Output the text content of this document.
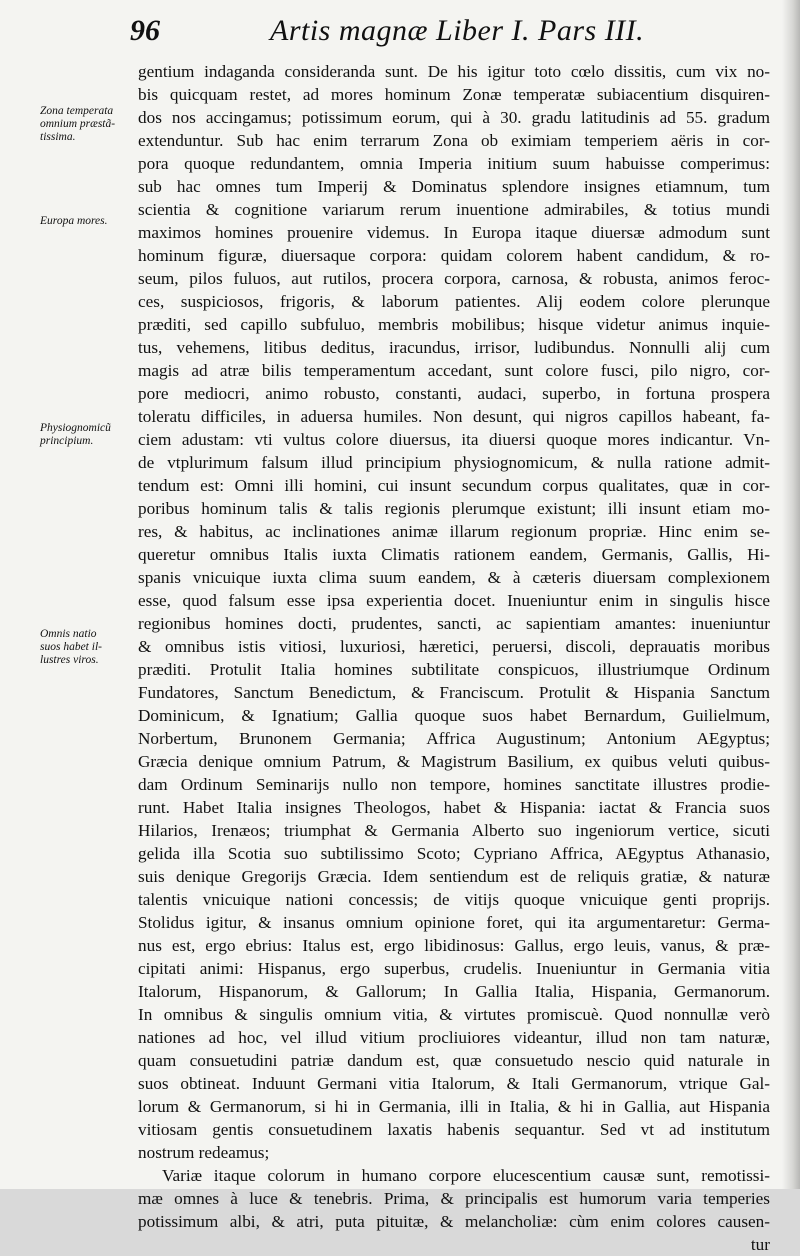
96	Artis magnæ Liber I. Pars III.
Zona temperata
omnium præstã-
tissima.
Europa mores.
Physiognomicũ
principium.
Omnis natio
suos habet il-
lustres viros.
gentium indaganda consideranda sunt. De his igitur toto cœlo dissitis, cum vix no-
bis quicquam restet, ad mores hominum Zonæ temperatæ subiacentium disquiren-
dos nos accingamus; potissimum eorum, qui à 30. gradu latitudinis ad 55. gradum
extenduntur. Sub hac enim terrarum Zona ob eximiam temperiem aëris in cor-
pora quoque redundantem, omnia Imperia initium suum habuisse comperimus:
sub hac omnes tum Imperij & Dominatus splendore insignes etiamnum, tum
scientia & cognitione variarum rerum inuentione admirabiles, & totius mundi
maximos homines prouenire videmus. In Europa itaque diuersæ admodum sunt
hominum figuræ, diuersaque corpora: quidam colorem habent candidum, & ro-
seum, pilos fuluos, aut rutilos, procera corpora, carnosa, & robusta, animos feroc-
ces, suspiciosos, frigoris, & laborum patientes. Alij eodem colore plerunque
præditi, sed capillo subfuluo, membris mobilibus; hisque videtur animus inquie-
tus, vehemens, litibus deditus, iracundus, irrisor, ludibundus. Nonnulli alij cum
magis ad atræ bilis temperamentum accedant, sunt colore fusci, pilo nigro, cor-
pore mediocri, animo robusto, constanti, audaci, superbo, in fortuna prospera
toleratu difficiles, in aduersa humiles. Non desunt, qui nigros capillos habeant, fa-
ciem adustam: vti vultus colore diuersus, ita diuersi quoque mores indicantur. Vn-
de vtplurimum falsum illud principium physiognomicum, & nulla ratione admit-
tendum est: Omni illi homini, cui insunt secundum corpus qualitates, quæ in cor-
poribus hominum talis & talis regionis plerumque existunt; illi insunt etiam mo-
res, & habitus, ac inclinationes animæ illarum regionum propriæ. Hinc enim se-
queretur omnibus Italis iuxta Climatis rationem eandem, Germanis, Gallis, Hi-
spanis vnicuique iuxta clima suum eandem, & à cæteris diuersam complexionem
esse, quod falsum esse ipsa experientia docet. Inueniuntur enim in singulis hisce
regionibus homines docti, prudentes, sancti, ac sapientiam amantes: inueniuntur
& omnibus istis vitiosi, luxuriosi, hæretici, peruersi, discoli, deprauatis moribus
præditi. Protulit Italia homines subtilitate conspicuos, illustriumque Ordinum
Fundatores, Sanctum Benedictum, & Franciscum. Protulit & Hispania Sanctum
Dominicum, & Ignatium; Gallia quoque suos habet Bernardum, Guilielmum,
Norbertum, Brunonem Germania; Affrica Augustinum; Antonium AEgyptus;
Græcia denique omnium Patrum, & Magistrum Basilium, ex quibus veluti quibus-
dam Ordinum Seminarijs nullo non tempore, homines sanctitate illustres prodie-
runt. Habet Italia insignes Theologos, habet & Hispania: iactat & Francia suos
Hilarios, Irenæos; triumphat & Germania Alberto suo ingeniorum vertice, sicuti
gelida illa Scotia suo subtilissimo Scoto; Cypriano Affrica, AEgyptus Athanasio,
suis denique Gregorijs Græcia. Idem sentiendum est de reliquis gratiæ, & naturæ
talentis vnicuique nationi concessis; de vitijs quoque vnicuique genti proprijs.
Stolidus igitur, & insanus omnium opinione foret, qui ita argumentaretur: Germa-
nus est, ergo ebrius: Italus est, ergo libidinosus: Gallus, ergo leuis, vanus, & præ-
cipitati animi: Hispanus, ergo superbus, crudelis. Inueniuntur in Germania vitia
Italorum, Hispanorum, & Gallorum; In Gallia Italia, Hispania, Germanorum.
In omnibus & singulis omnium vitia, & virtutes promiscuè. Quod nonnullæ verò
nationes ad hoc, vel illud vitium procliuiores videantur, illud non tam naturæ,
quam consuetudini patriæ dandum est, quæ consuetudo nescio quid naturale in
suos obtineat. Induunt Germani vitia Italorum, & Itali Germanorum, vtrique Gal-
lorum & Germanorum, si hi in Germania, illi in Italia, & hi in Gallia, aut Hispania
vitiosam gentis consuetudinem laxatis habenis sequantur. Sed vt ad institutum
nostrum redeamus;
Variæ itaque colorum in humano corpore elucescentium causæ sunt, remotissi-
mæ omnes à luce & tenebris. Prima, & principalis est humorum varia temperies
potissimum albi, & atri, puta pituitæ, & melancholiæ: cùm enim colores causen-
tur
